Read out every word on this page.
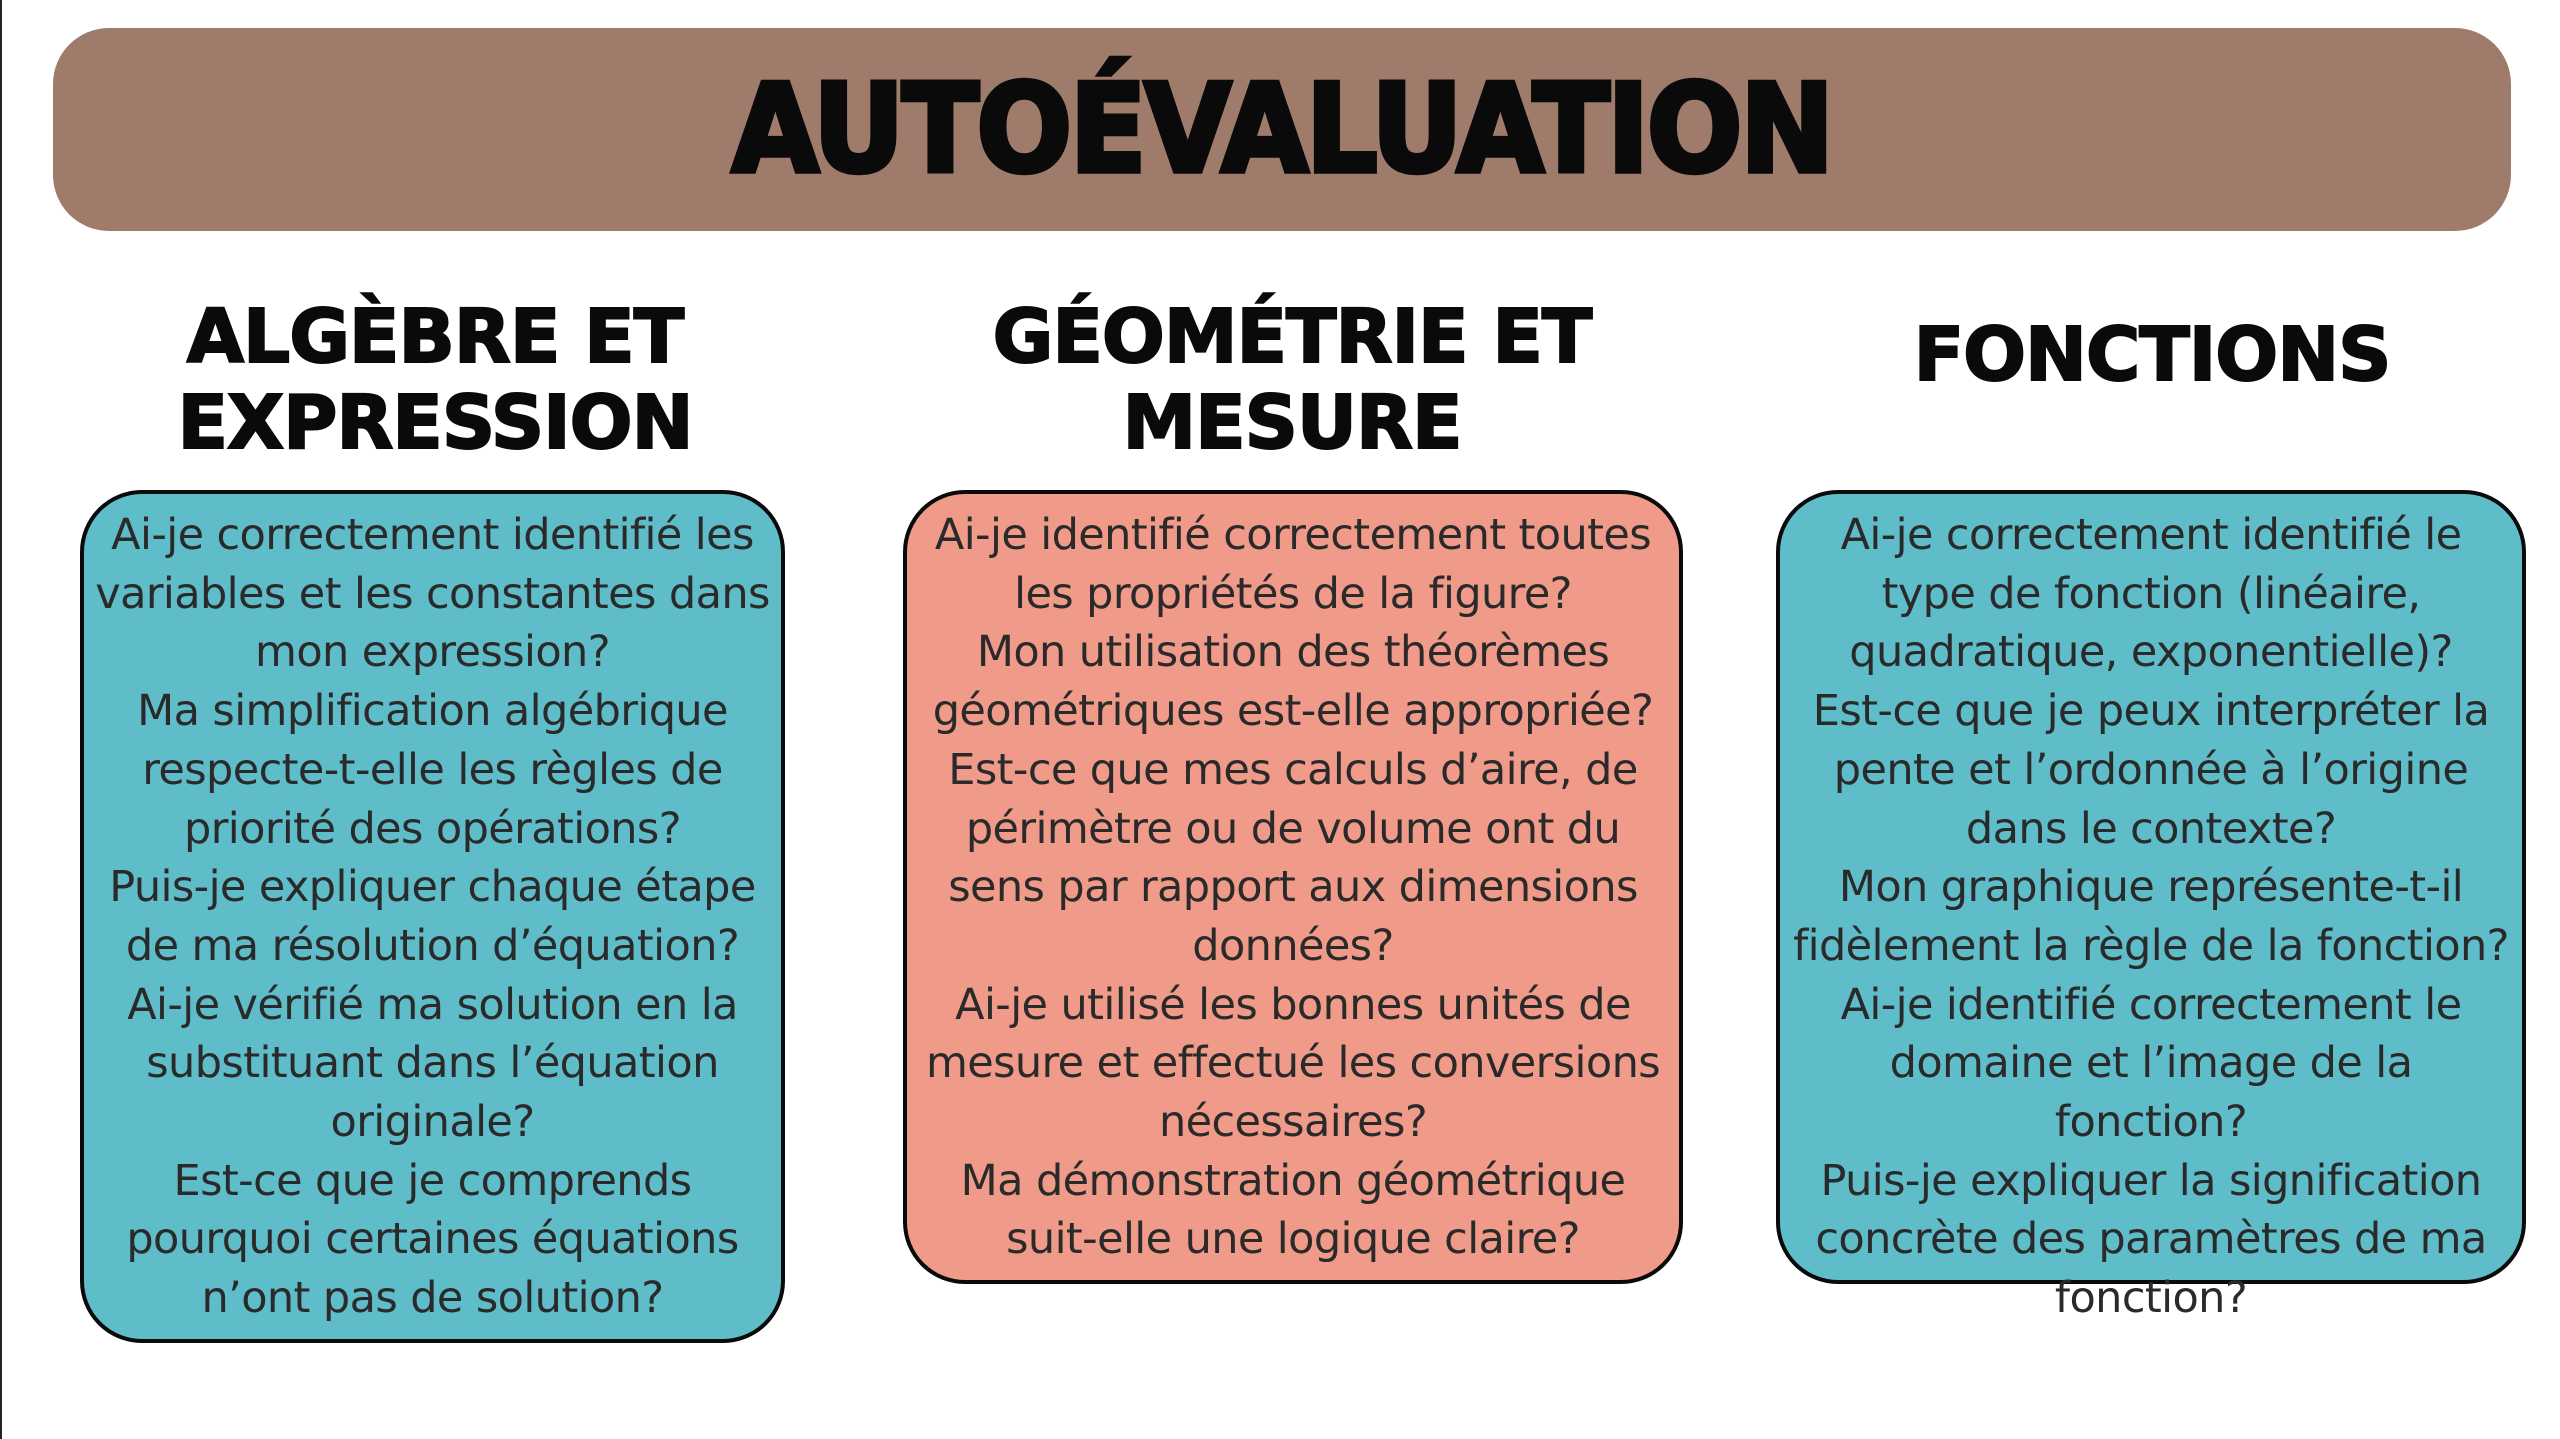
AUTOÉVALUATION
ALGÈBRE ET
EXPRESSION
Ai-je correctement identifié les variables et les constantes dans mon expression?
Ma simplification algébrique respecte-t-elle les règles de priorité des opérations?
Puis-je expliquer chaque étape de ma résolution d’équation?
Ai-je vérifié ma solution en la substituant dans l’équation originale?
Est-ce que je comprends pourquoi certaines équations n’ont pas de solution?
GÉOMÉTRIE ET
MESURE
Ai-je identifié correctement toutes les propriétés de la figure?
Mon utilisation des théorèmes géométriques est-elle appropriée?
Est-ce que mes calculs d’aire, de périmètre ou de volume ont du sens par rapport aux dimensions données?
Ai-je utilisé les bonnes unités de mesure et effectué les conversions nécessaires?
Ma démonstration géométrique suit-elle une logique claire?
FONCTIONS
Ai-je correctement identifié le type de fonction (linéaire, quadratique, exponentielle)?
Est-ce que je peux interpréter la pente et l’ordonnée à l’origine dans le contexte?
Mon graphique représente-t-il fidèlement la règle de la fonction?
Ai-je identifié correctement le domaine et l’image de la fonction?
Puis-je expliquer la signification concrète des paramètres de ma fonction?
